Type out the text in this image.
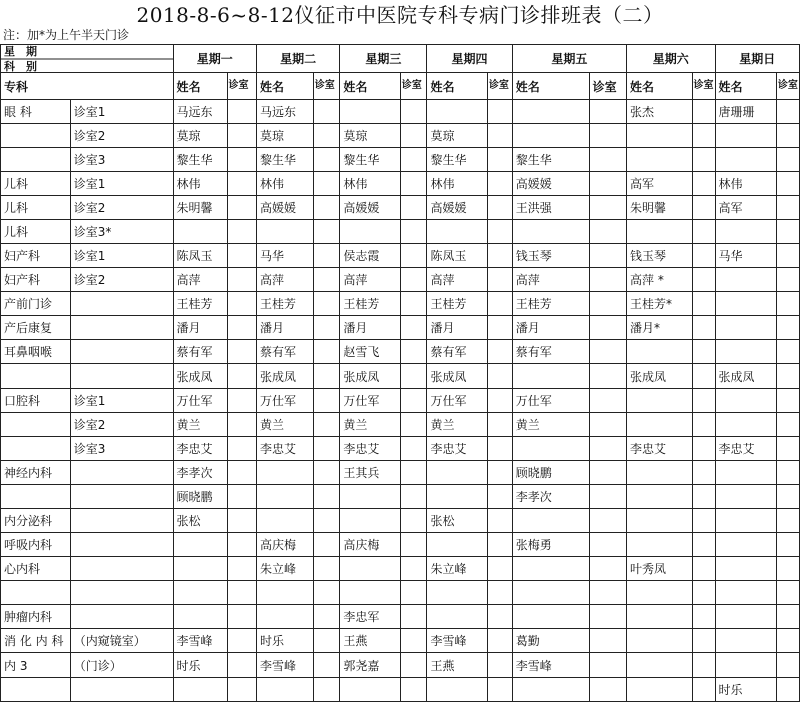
2018-8-6~8-12仪征市中医院专科专病门诊排班表（二）
注：加*为上午半天门诊
星　期
科　别		星期一		星期二		星期三		星期四		星期五		星期六		星期日	
专科		姓名	诊室	姓名	诊室	姓名	诊室	姓名	诊室	姓名	诊室	姓名	诊室	姓名	诊室
眼 科	诊室1	马远东		马远东								张杰		唐珊珊	
	诊室2	莫琼		莫琼		莫琼		莫琼							
	诊室3	黎生华		黎生华		黎生华		黎生华		黎生华					
儿科	诊室1	林伟		林伟		林伟		林伟		高媛媛		高军		林伟	
儿科	诊室2	朱明馨		高媛媛		高媛媛		高媛媛		王洪强		朱明馨		高军	
儿科	诊室3*														
妇产科	诊室1	陈凤玉		马华		侯志霞		陈凤玉		钱玉琴		钱玉琴		马华	
妇产科	诊室2	高萍		高萍		高萍		高萍		高萍		高萍 *			
产前门诊		王桂芳		王桂芳		王桂芳		王桂芳		王桂芳		王桂芳*			
产后康复		潘月		潘月		潘月		潘月		潘月		潘月*			
耳鼻咽喉		蔡有军		蔡有军		赵雪飞		蔡有军		蔡有军					
		张成凤		张成凤		张成凤		张成凤				张成凤		张成凤	
口腔科	诊室1	万仕军		万仕军		万仕军		万仕军		万仕军					
	诊室2	黄兰		黄兰		黄兰		黄兰		黄兰					
	诊室3	李忠艾		李忠艾		李忠艾		李忠艾				李忠艾		李忠艾	
神经内科		李孝次				王其兵				顾晓鹏					
		顾晓鹏								李孝次					
内分泌科		张松						张松							
呼吸内科				高庆梅		高庆梅				张梅勇					
心内科				朱立峰				朱立峰				叶秀凤			

肿瘤内科						李忠军									
消 化 内 科	（内窥镜室）	李雪峰		时乐		王燕		李雪峰		葛勤					
内 3	（门诊）	时乐		李雪峰		郭尧嘉		王燕		李雪峰					
														时乐	
